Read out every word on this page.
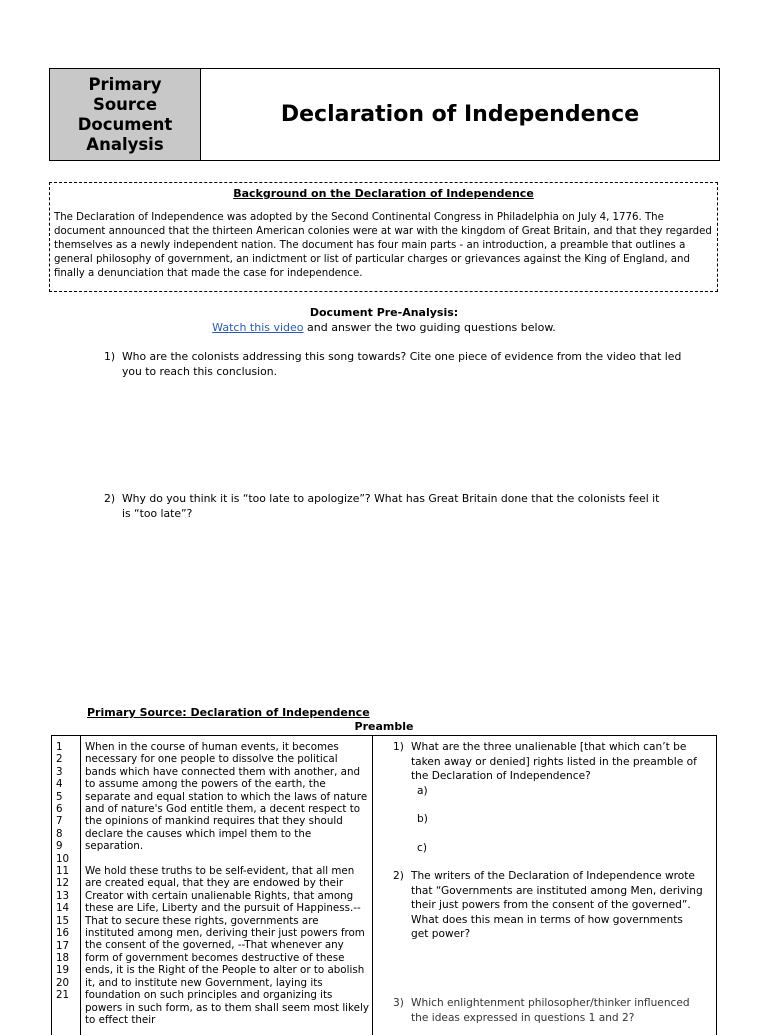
Primary
Source
Document
Analysis
Declaration of Independence

Background on the Declaration of Independence

The Declaration of Independence was adopted by the Second Continental Congress in Philadelphia on July 4, 1776. The document announced that the thirteen American colonies were at war with the kingdom of Great Britain, and that they regarded themselves as a newly independent nation. The document has four main parts - an introduction, a preamble that outlines a general philosophy of government, an indictment or list of particular charges or grievances against the King of England, and finally a denunciation that made the case for independence.

Document Pre-Analysis:
Watch this video and answer the two guiding questions below.
1) Who are the colonists addressing this song towards? Cite one piece of evidence from the video that led you to reach this conclusion.
2) Why do you think it is “too late to apologize”? What has Great Britain done that the colonists feel it is “too late”?
Primary Source: Declaration of Independence
Preamble
1
2
3
4
5
6
7
8
9
10
11
12
13
14
15
16
17
18
19
20
21

When in the course of human events, it becomes necessary for one people to dissolve the political bands which have connected them with another, and to assume among the powers of the earth, the separate and equal station to which the laws of nature and of nature's God entitle them, a decent respect to the opinions of mankind requires that they should declare the causes which impel them to the separation.

We hold these truths to be self-evident, that all men are created equal, that they are endowed by their Creator with certain unalienable Rights, that among these are Life, Liberty and the pursuit of Happiness.--That to secure these rights, governments are instituted among men, deriving their just powers from the consent of the governed, --That whenever any form of government becomes destructive of these ends, it is the Right of the People to alter or to abolish it, and to institute new Government, laying its foundation on such principles and organizing its powers in such form, as to them shall seem most likely to effect their

1) What are the three unalienable [that which can’t be taken away or denied] rights listed in the preamble of the Declaration of Independence?
a)
b)
c)
2) The writers of the Declaration of Independence wrote that “Governments are instituted among Men, deriving their just powers from the consent of the governed”. What does this mean in terms of how governments get power?
3) Which enlightenment philosopher/thinker influenced the ideas expressed in questions 1 and 2?
